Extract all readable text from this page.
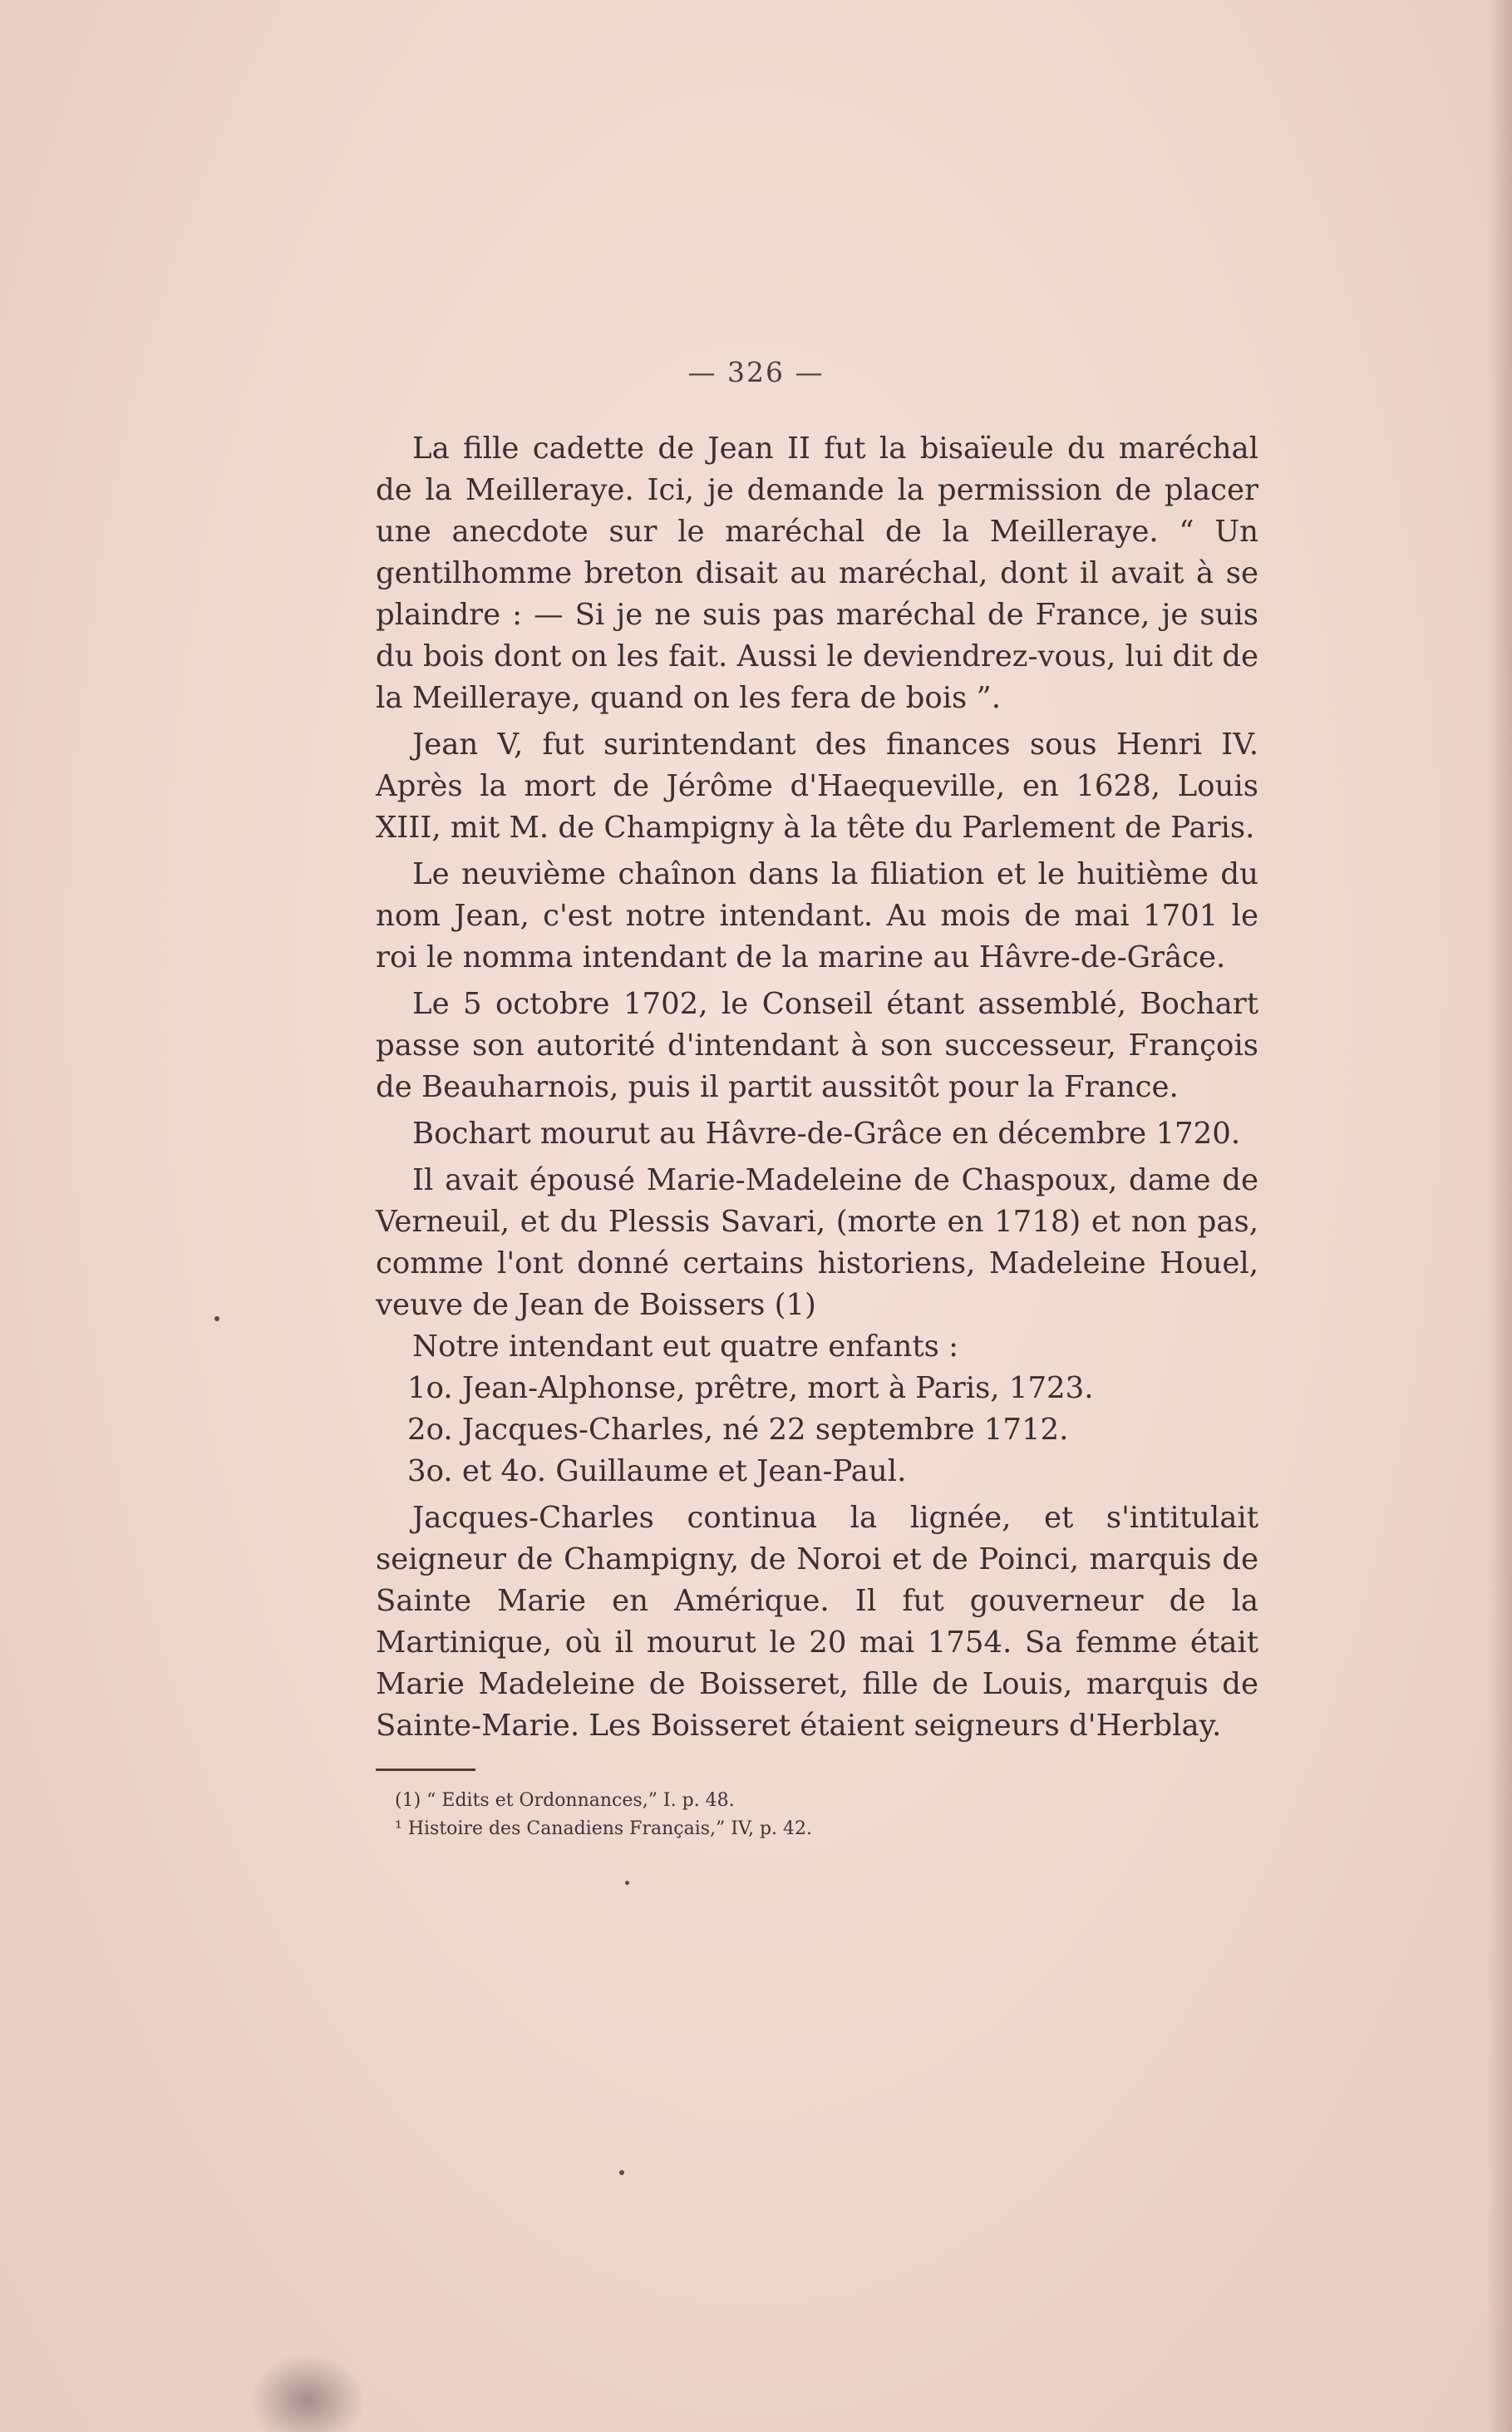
— 326 —

La fille cadette de Jean II fut la bisaïeule du maréchal de la Meilleraye. Ici, je demande la permission de placer une anecdote sur le maréchal de la Meilleraye. “ Un gentilhomme breton disait au maréchal, dont il avait à se plaindre : — Si je ne suis pas maréchal de France, je suis du bois dont on les fait. Aussi le deviendrez-vous, lui dit de la Meilleraye, quand on les fera de bois ”.

Jean V, fut surintendant des finances sous Henri IV. Après la mort de Jérôme d'Haequeville, en 1628, Louis XIII, mit M. de Champigny à la tête du Parlement de Paris.

Le neuvième chaînon dans la filiation et le huitième du nom Jean, c'est notre intendant. Au mois de mai 1701 le roi le nomma intendant de la marine au Hâvre-de-Grâce.

Le 5 octobre 1702, le Conseil étant assemblé, Bochart passe son autorité d'intendant à son successeur, François de Beauharnois, puis il partit aussitôt pour la France.

Bochart mourut au Hâvre-de-Grâce en décembre 1720.

Il avait épousé Marie-Madeleine de Chaspoux, dame de Verneuil, et du Plessis Savari, (morte en 1718) et non pas, comme l'ont donné certains historiens, Madeleine Houel, veuve de Jean de Boissers (1)

Notre intendant eut quatre enfants :

1o. Jean-Alphonse, prêtre, mort à Paris, 1723.

2o. Jacques-Charles, né 22 septembre 1712.

3o. et 4o. Guillaume et Jean-Paul.

Jacques-Charles continua la lignée, et s'intitulait seigneur de Champigny, de Noroi et de Poinci, marquis de Sainte Marie en Amérique. Il fut gouverneur de la Martinique, où il mourut le 20 mai 1754. Sa femme était Marie Madeleine de Boisseret, fille de Louis, marquis de Sainte-Marie. Les Boisseret étaient seigneurs d'Herblay.

(1) “ Edits et Ordonnances,” I. p. 48.
¹ Histoire des Canadiens Français,” IV, p. 42.
